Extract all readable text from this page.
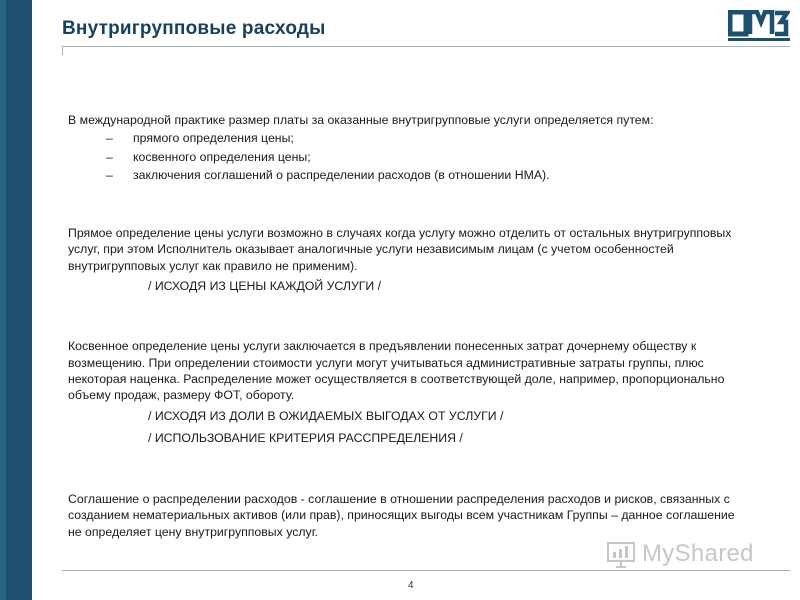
Внутригрупповые расходы

В международной практике размер платы за оказанные внутригрупповые услуги определяется путем:

– прямого определения цены;
– косвенного определения цены;
– заключения соглашений о распределении расходов (в отношении НМА).

Прямое определение цены услуги возможно в случаях когда услугу можно отделить от остальных внутригрупповых услуг, при этом Исполнитель оказывает аналогичные услуги независимым лицам (с учетом особенностей внутригрупповых услуг как правило не применим).

/ ИСХОДЯ ИЗ ЦЕНЫ КАЖДОЙ УСЛУГИ /

Косвенное определение цены услуги заключается в предъявлении понесенных затрат дочернему обществу к возмещению. При определении стоимости услуги могут учитываться административные затраты группы, плюс некоторая наценка. Распределение может осуществляется в соответствующей доле, например, пропорционально объему продаж, размеру ФОТ, обороту.

/ ИСХОДЯ ИЗ ДОЛИ В ОЖИДАЕМЫХ ВЫГОДАХ ОТ УСЛУГИ /
/ ИСПОЛЬЗОВАНИЕ КРИТЕРИЯ РАССПРЕДЕЛЕНИЯ /

Соглашение о распределении расходов - соглашение в отношении распределения расходов и рисков, связанных с созданием нематериальных активов (или прав), приносящих выгоды всем участникам Группы – данное соглашение не определяет цену внутригрупповых услуг.

MyShared
4
